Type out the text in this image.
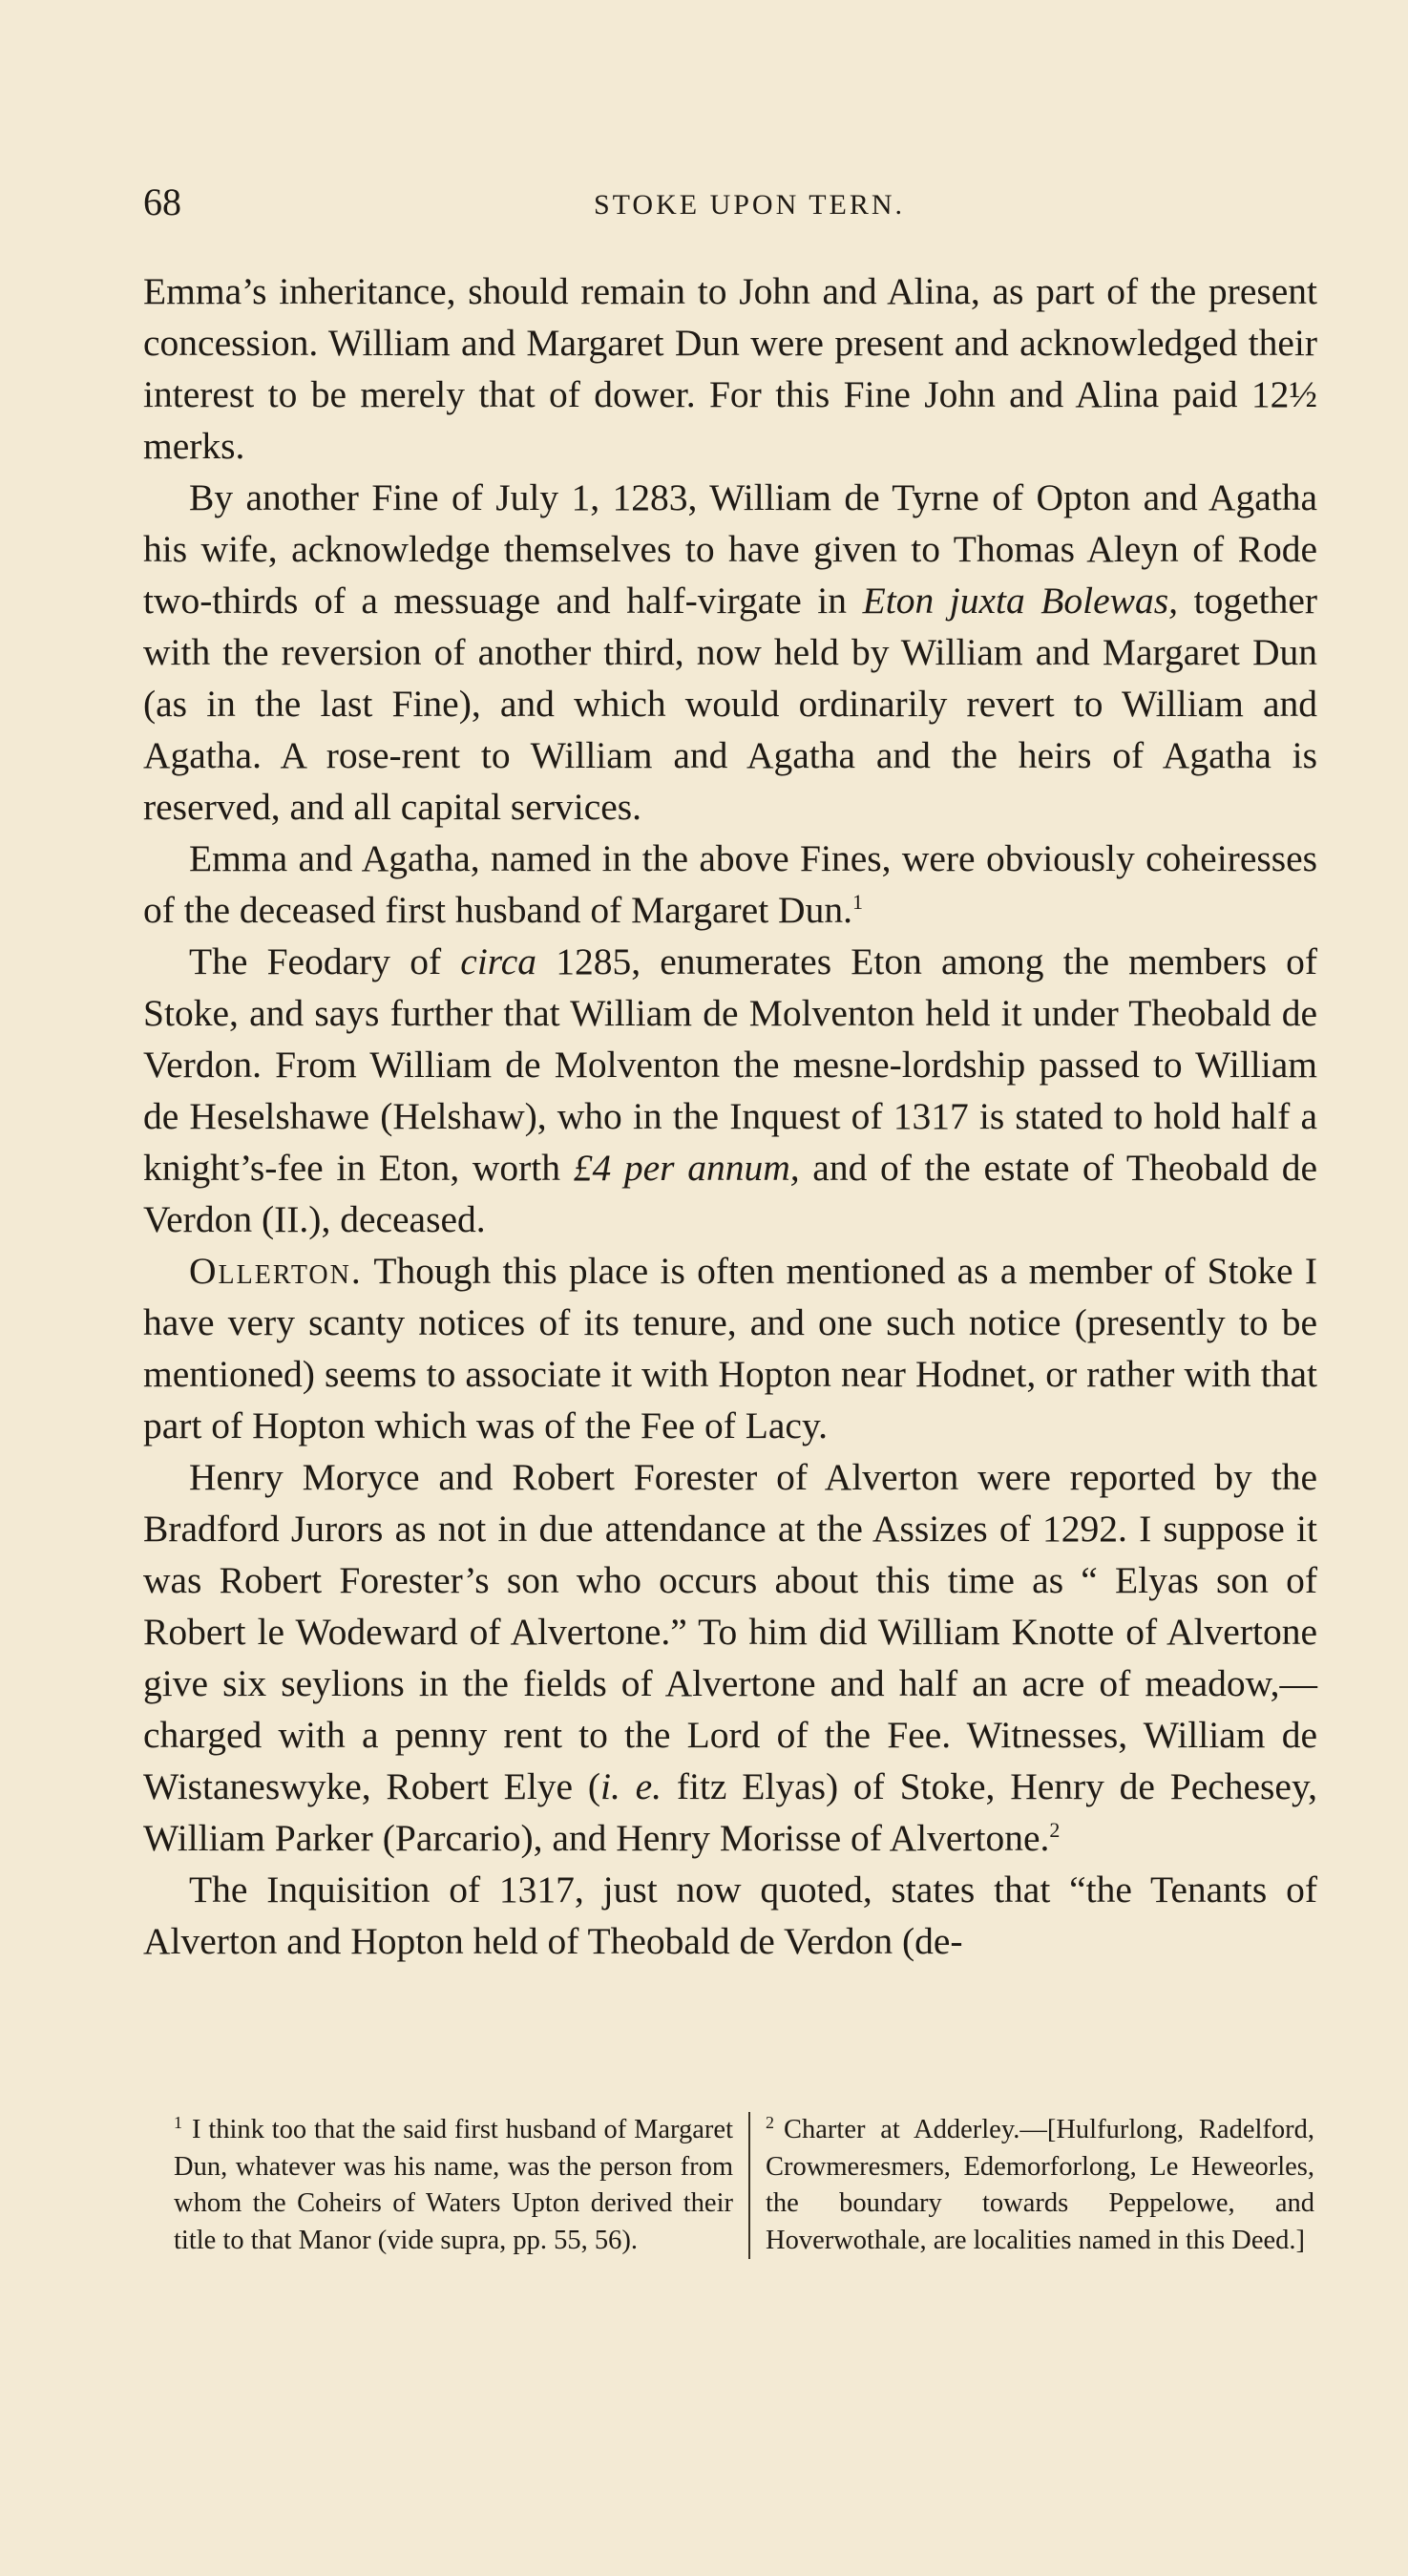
68	STOKE UPON TERN.

Emma’s inheritance, should remain to John and Alina, as part of the present concession. William and Margaret Dun were present and acknowledged their interest to be merely that of dower. For this Fine John and Alina paid 12½ merks.

By another Fine of July 1, 1283, William de Tyrne of Opton and Agatha his wife, acknowledge themselves to have given to Thomas Aleyn of Rode two-thirds of a messuage and half-virgate in Eton juxta Bolewas, together with the reversion of another third, now held by William and Margaret Dun (as in the last Fine), and which would ordinarily revert to William and Agatha. A rose-rent to William and Agatha and the heirs of Agatha is reserved, and all capital services.

Emma and Agatha, named in the above Fines, were obviously coheiresses of the deceased first husband of Margaret Dun.$^1$

The Feodary of circa 1285, enumerates Eton among the members of Stoke, and says further that William de Molventon held it under Theobald de Verdon. From William de Molventon the mesne-lordship passed to William de Heselshawe (Helshaw), who in the Inquest of 1317 is stated to hold half a knight’s-fee in Eton, worth £4 per annum, and of the estate of Theobald de Verdon (II.), deceased.

Ollerton. Though this place is often mentioned as a member of Stoke I have very scanty notices of its tenure, and one such notice (presently to be mentioned) seems to associate it with Hopton near Hodnet, or rather with that part of Hopton which was of the Fee of Lacy.

Henry Moryce and Robert Forester of Alverton were reported by the Bradford Jurors as not in due attendance at the Assizes of 1292. I suppose it was Robert Forester’s son who occurs about this time as “ Elyas son of Robert le Wodeward of Alvertone.” To him did William Knotte of Alvertone give six seylions in the fields of Alvertone and half an acre of meadow,—charged with a penny rent to the Lord of the Fee. Witnesses, William de Wistaneswyke, Robert Elye (i. e. fitz Elyas) of Stoke, Henry de Pechesey, William Parker (Parcario), and Henry Morisse of Alvertone.$^2$

The Inquisition of 1317, just now quoted, states that “the Tenants of Alverton and Hopton held of Theobald de Verdon (de-

$^1$ I think too that the said first husband of Margaret Dun, whatever was his name, was the person from whom the Coheirs of Waters Upton derived their title to that Manor (vide supra, pp. 55, 56).
$^2$ Charter at Adderley.—[Hulfurlong, Radelford, Crowmeresmers, Edemorforlong, Le Heweorles, the boundary towards Peppelowe, and Hoverwothale, are localities named in this Deed.]
